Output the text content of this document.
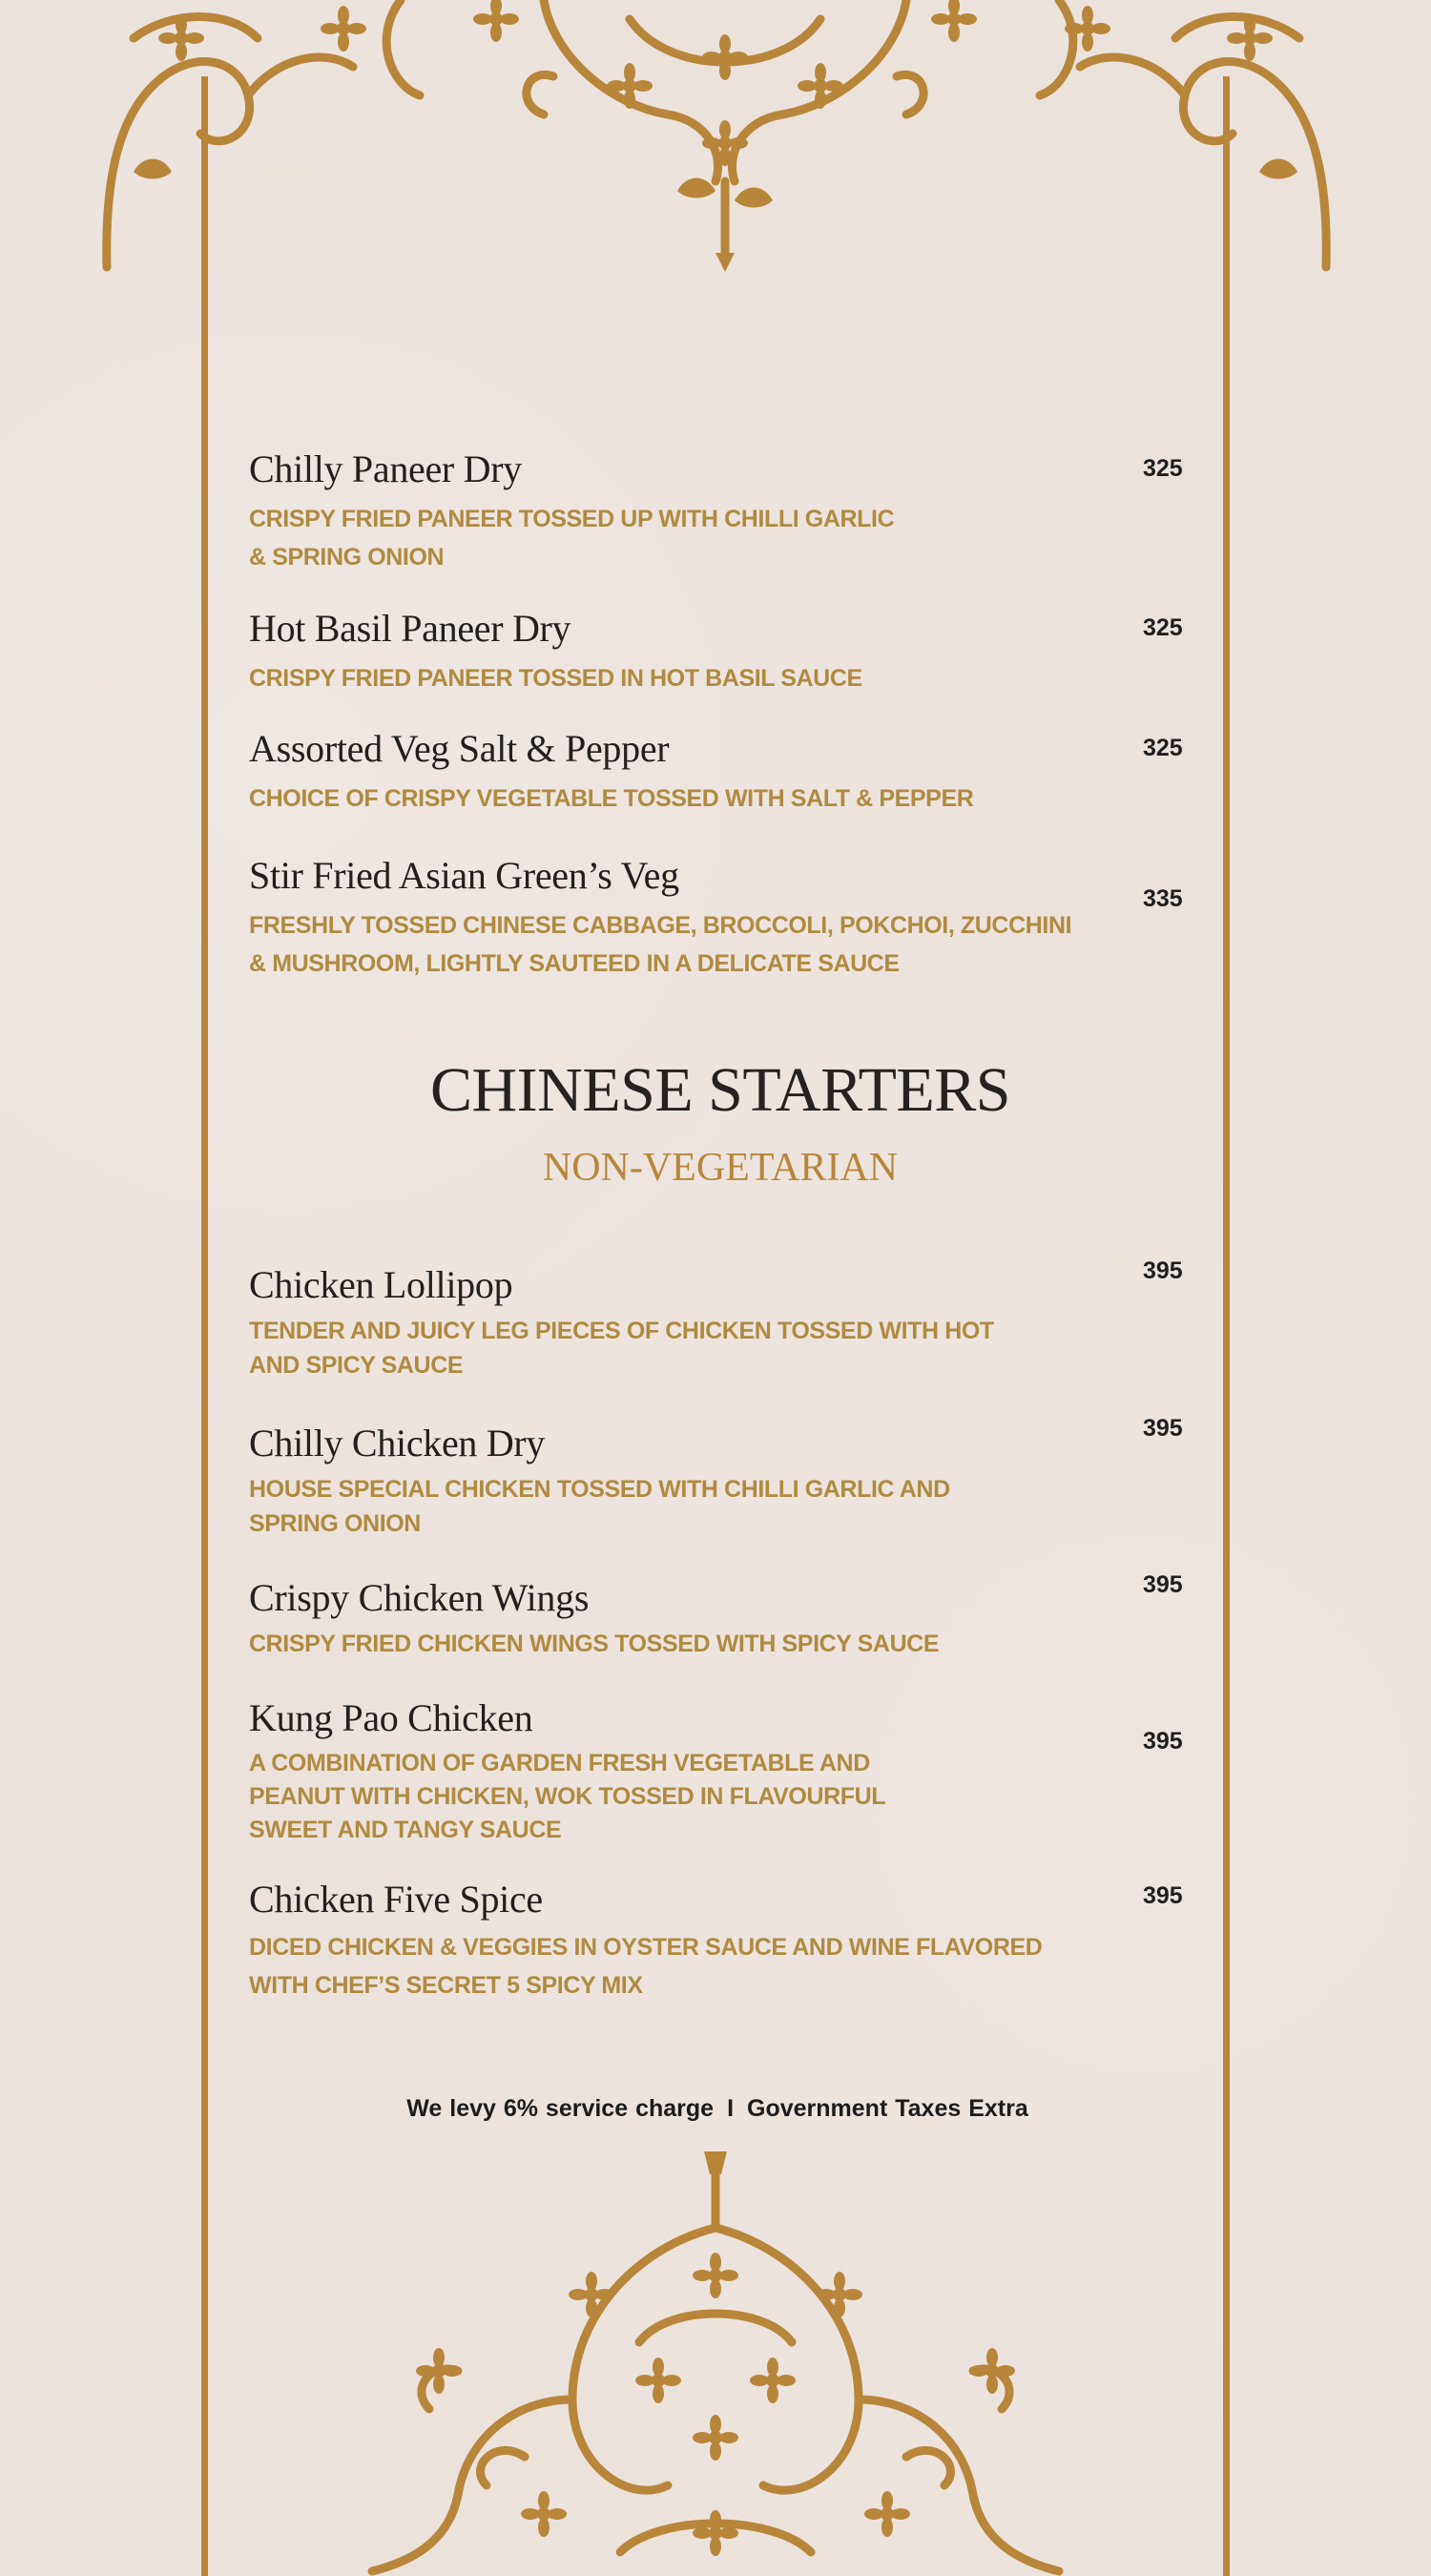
Chilly Paneer Dry

CRISPY FRIED PANEER TOSSED UP WITH CHILLI GARLIC
& SPRING ONION

325

Hot Basil Paneer Dry

CRISPY FRIED PANEER TOSSED IN HOT BASIL SAUCE

325

Assorted Veg Salt & Pepper

CHOICE OF CRISPY VEGETABLE TOSSED WITH SALT & PEPPER

325

Stir Fried Asian Green’s Veg

FRESHLY TOSSED CHINESE CABBAGE, BROCCOLI, POKCHOI, ZUCCHINI
& MUSHROOM, LIGHTLY SAUTEED IN A DELICATE SAUCE

335
CHINESE STARTERS
NON-VEGETARIAN

Chicken Lollipop

TENDER AND JUICY LEG PIECES OF CHICKEN TOSSED WITH HOT
AND SPICY SAUCE

395

Chilly Chicken Dry

HOUSE SPECIAL CHICKEN TOSSED WITH CHILLI GARLIC AND
SPRING ONION

395

Crispy Chicken Wings

CRISPY FRIED CHICKEN WINGS TOSSED WITH SPICY SAUCE

395

Kung Pao Chicken

A COMBINATION OF GARDEN FRESH VEGETABLE AND
PEANUT WITH CHICKEN, WOK TOSSED IN FLAVOURFUL
SWEET AND TANGY SAUCE

395

Chicken Five Spice

DICED CHICKEN & VEGGIES IN OYSTER SAUCE AND WINE FLAVORED
WITH CHEF’S SECRET 5 SPICY MIX

395
We levy 6% service charge I Government Taxes Extra
